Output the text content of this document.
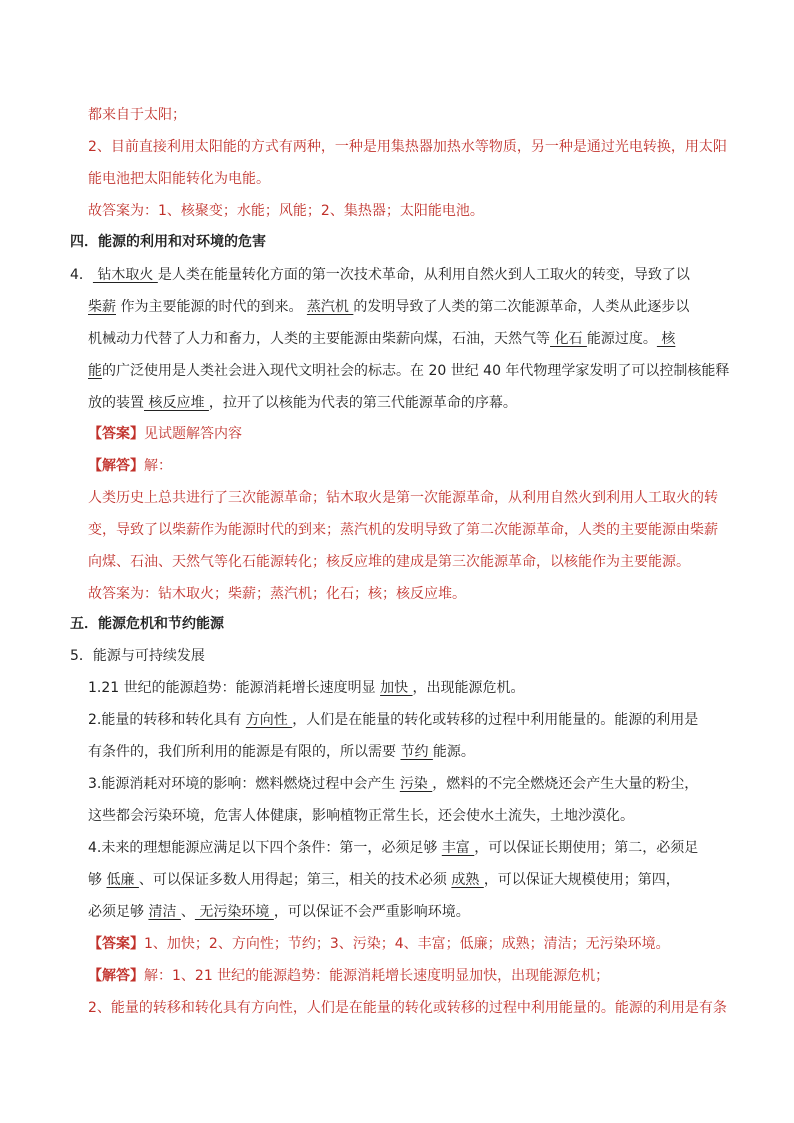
都来自于太阳；
2、目前直接利用太阳能的方式有两种，一种是用集热器加热水等物质，另一种是通过光电转换，用太阳
能电池把太阳能转化为电能。
故答案为：1、核聚变；水能；风能；2、集热器；太阳能电池。
四．能源的利用和对环境的危害
4． 钻木取火 是人类在能量转化方面的第一次技术革命，从利用自然火到人工取火的转变，导致了以
柴薪 作为主要能源的时代的到来。 蒸汽机 的发明导致了人类的第二次能源革命，人类从此逐步以
机械动力代替了人力和畜力，人类的主要能源由柴薪向煤，石油，天然气等 化石 能源过度。 核
能的广泛使用是人类社会进入现代文明社会的标志。在 20 世纪 40 年代物理学家发明了可以控制核能释
放的装置 核反应堆 ，拉开了以核能为代表的第三代能源革命的序幕。
【答案】见试题解答内容
【解答】解：
人类历史上总共进行了三次能源革命；钻木取火是第一次能源革命，从利用自然火到利用人工取火的转
变，导致了以柴薪作为能源时代的到来；蒸汽机的发明导致了第二次能源革命，人类的主要能源由柴薪
向煤、石油、天然气等化石能源转化；核反应堆的建成是第三次能源革命，以核能作为主要能源。
故答案为：钻木取火；柴薪；蒸汽机；化石；核；核反应堆。
五．能源危机和节约能源
5．能源与可持续发展
1.21 世纪的能源趋势：能源消耗增长速度明显 加快 ，出现能源危机。
2.能量的转移和转化具有 方向性 ，人们是在能量的转化或转移的过程中利用能量的。能源的利用是
有条件的，我们所利用的能源是有限的，所以需要 节约 能源。
3.能源消耗对环境的影响：燃料燃烧过程中会产生 污染 ，燃料的不完全燃烧还会产生大量的粉尘，
这些都会污染环境，危害人体健康，影响植物正常生长，还会使水土流失，土地沙漠化。
4.未来的理想能源应满足以下四个条件：第一，必须足够 丰富 ，可以保证长期使用；第二，必须足
够 低廉 、可以保证多数人用得起；第三，相关的技术必须 成熟 ，可以保证大规模使用；第四，
必须足够 清洁 、 无污染环境 ，可以保证不会严重影响环境。
【答案】1、加快；2、方向性；节约；3、污染；4、丰富；低廉；成熟；清洁；无污染环境。
【解答】解：1、21 世纪的能源趋势：能源消耗增长速度明显加快，出现能源危机；
2、能量的转移和转化具有方向性，人们是在能量的转化或转移的过程中利用能量的。能源的利用是有条
